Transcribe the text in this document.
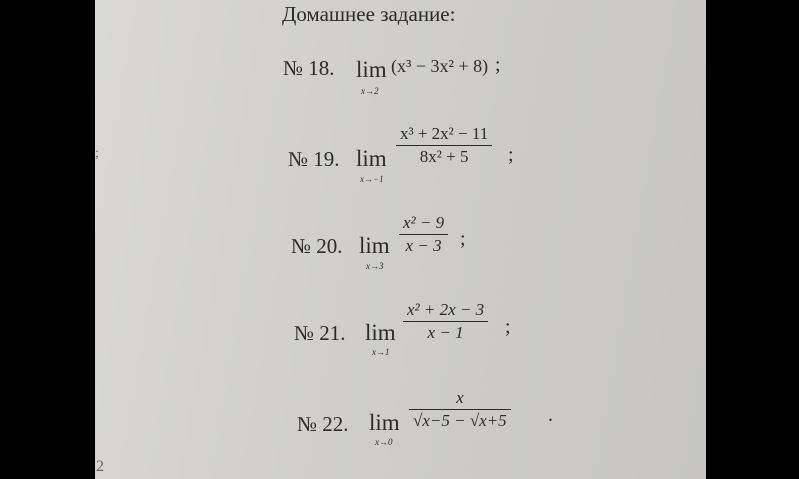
Домашнее задание:
№ 18. lim
x→2
(x³ − 3x² + 8) ;
№ 19. lim
x→−1
$\frac{\text{x³ + 2x² − 11}}{\text{8x² + 5}}$ ;
№ 20. lim
x→3
$\frac{\text{x² − 9}}{x - 3}$ ;
№ 21. lim
x→1
$\frac{\text{x² + 2x − 3}}{x - 1}$ ;
№ 22. lim
x→0
$\frac{x}{√x-5 - √x+5}$ .
;
2
